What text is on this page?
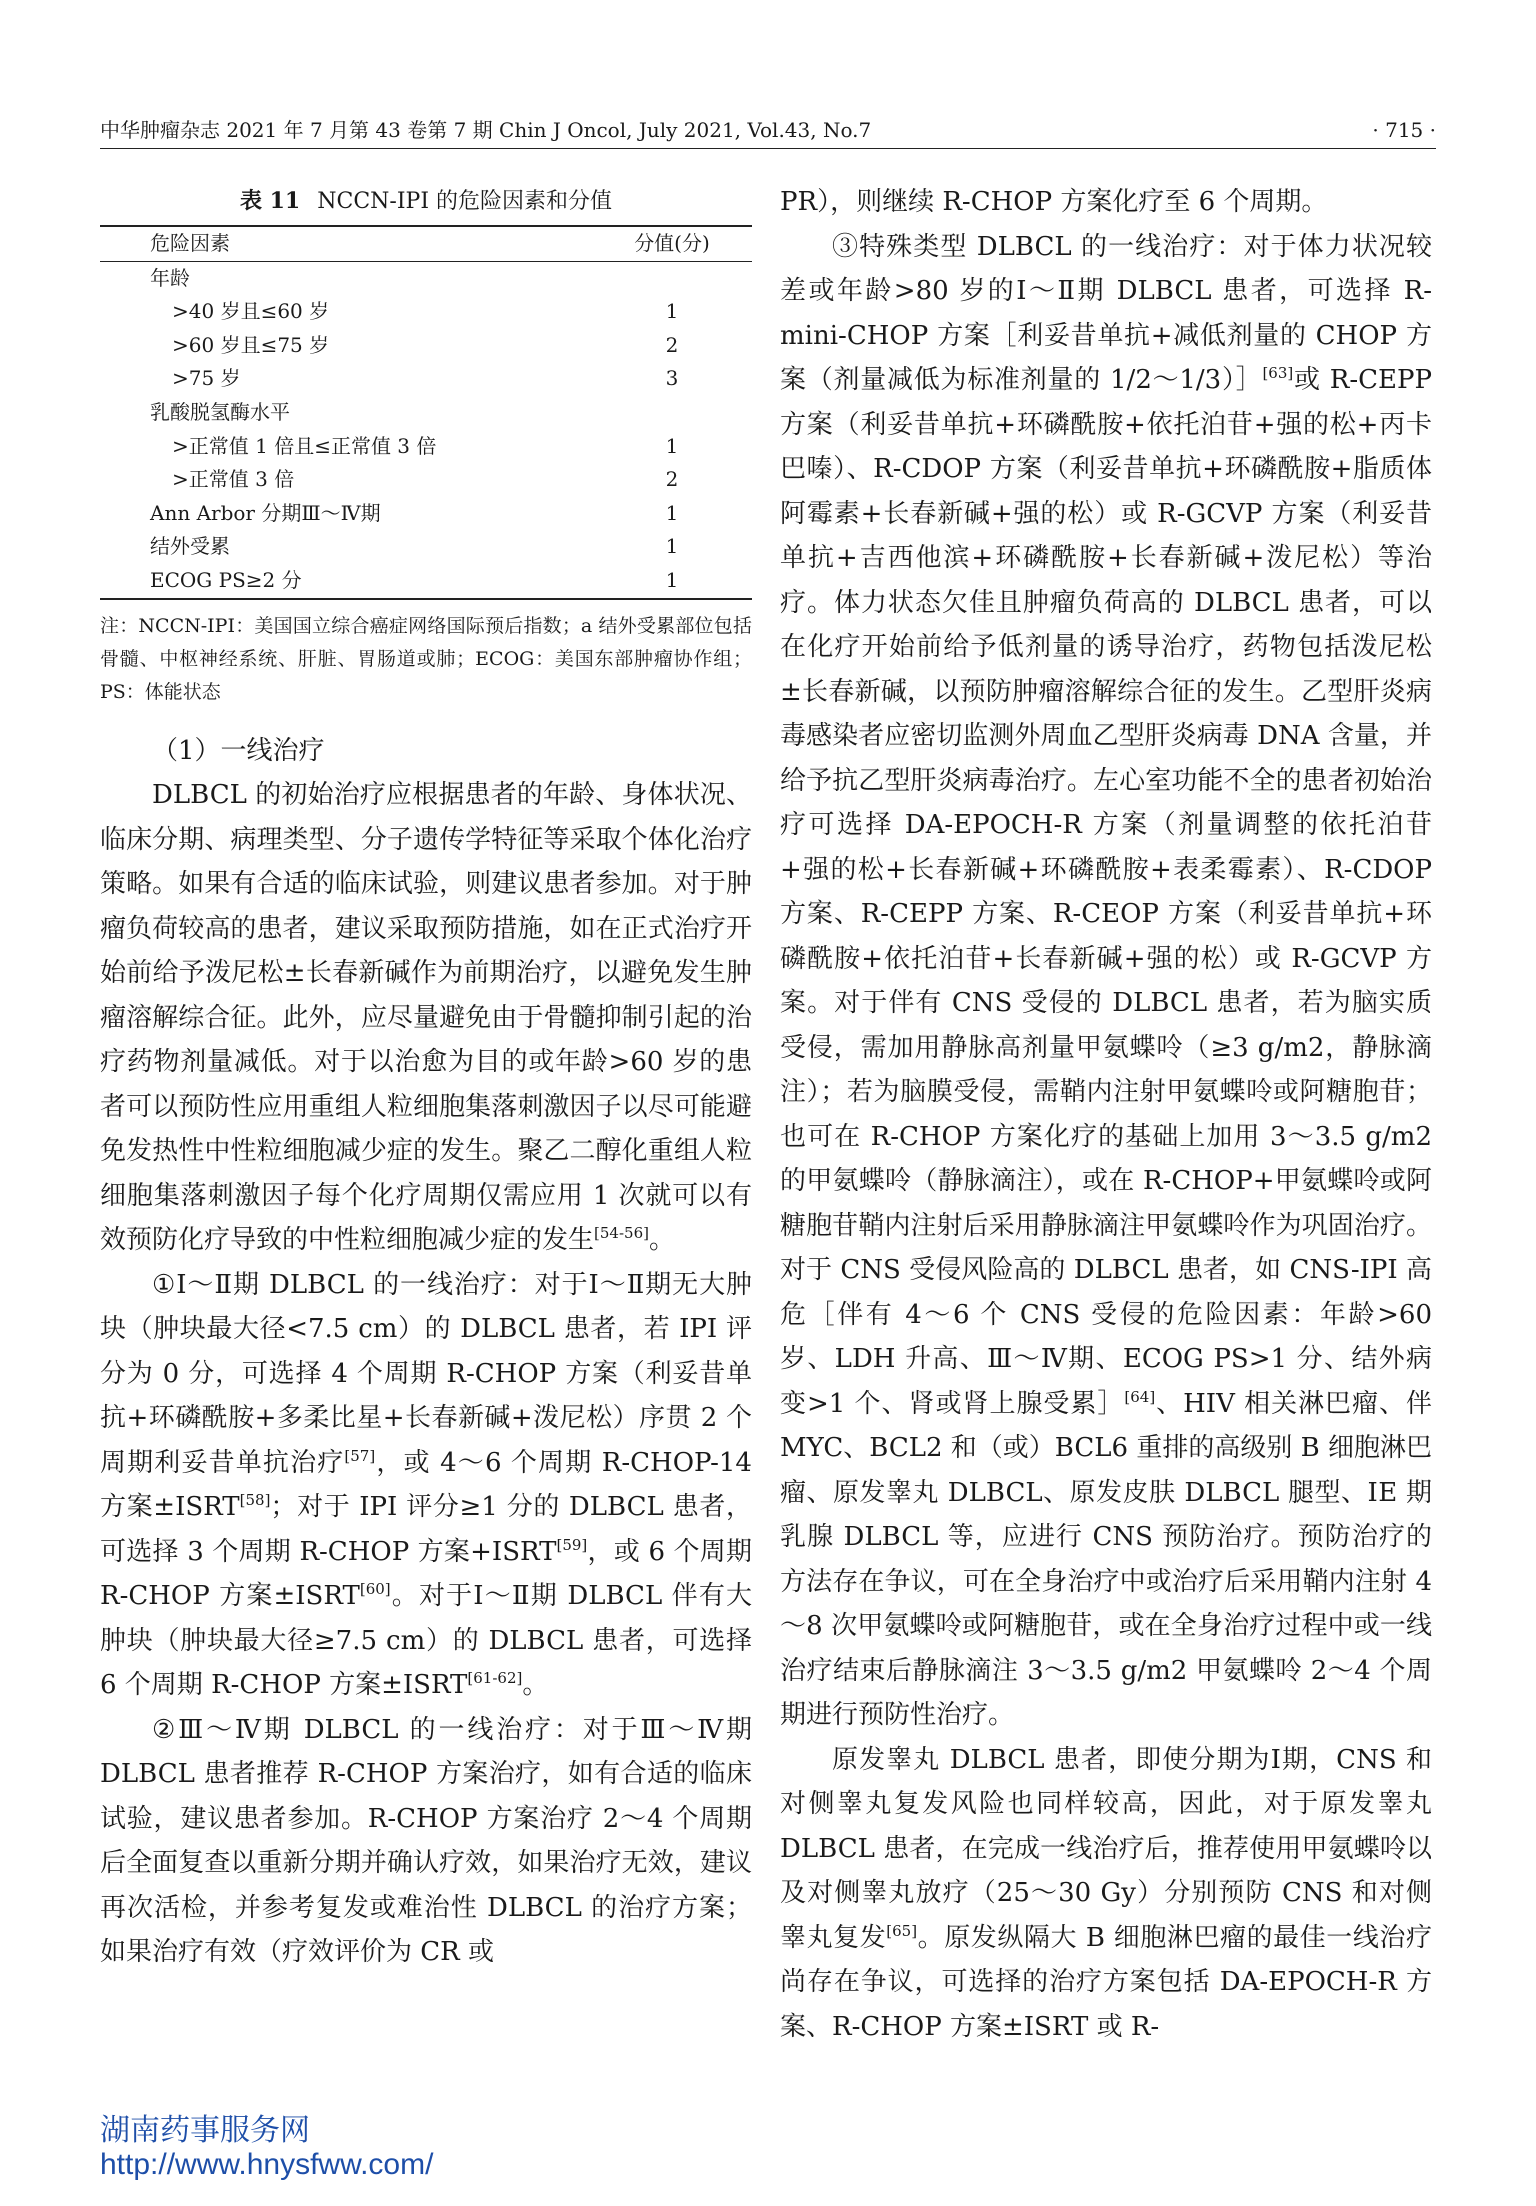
中华肿瘤杂志 2021 年 7 月第 43 卷第 7 期 Chin J Oncol, July 2021, Vol.43, No.7	· 715 ·
表 11 NCCN-IPI 的危险因素和分值
危险因素	分值(分)
年龄	
>40 岁且≤60 岁	1
>60 岁且≤75 岁	2
>75 岁	3
乳酸脱氢酶水平	
>正常值 1 倍且≤正常值 3 倍	1
>正常值 3 倍	2
Ann Arbor 分期Ⅲ～Ⅳ期	1
结外受累	1
ECOG PS≥2 分	1

注：NCCN-IPI：美国国立综合癌症网络国际预后指数；a 结外受累部位包括骨髓、中枢神经系统、肝脏、胃肠道或肺；ECOG：美国东部肿瘤协作组；PS：体能状态

（1）一线治疗

DLBCL 的初始治疗应根据患者的年龄、身体状况、临床分期、病理类型、分子遗传学特征等采取个体化治疗策略。如果有合适的临床试验，则建议患者参加。对于肿瘤负荷较高的患者，建议采取预防措施，如在正式治疗开始前给予泼尼松±长春新碱作为前期治疗，以避免发生肿瘤溶解综合征。此外，应尽量避免由于骨髓抑制引起的治疗药物剂量减低。对于以治愈为目的或年龄>60 岁的患者可以预防性应用重组人粒细胞集落刺激因子以尽可能避免发热性中性粒细胞减少症的发生。聚乙二醇化重组人粒细胞集落刺激因子每个化疗周期仅需应用 1 次就可以有效预防化疗导致的中性粒细胞减少症的发生[54-56]。

①Ⅰ～Ⅱ期 DLBCL 的一线治疗：对于Ⅰ～Ⅱ期无大肿块（肿块最大径<7.5 cm）的 DLBCL 患者，若 IPI 评分为 0 分，可选择 4 个周期 R-CHOP 方案（利妥昔单抗+环磷酰胺+多柔比星+长春新碱+泼尼松）序贯 2 个周期利妥昔单抗治疗[57]，或 4～6 个周期 R-CHOP-14 方案±ISRT[58]；对于 IPI 评分≥1 分的 DLBCL 患者，可选择 3 个周期 R-CHOP 方案+ISRT[59]，或 6 个周期 R-CHOP 方案±ISRT[60]。对于Ⅰ～Ⅱ期 DLBCL 伴有大肿块（肿块最大径≥7.5 cm）的 DLBCL 患者，可选择 6 个周期 R-CHOP 方案±ISRT[61-62]。

②Ⅲ～Ⅳ期 DLBCL 的一线治疗：对于Ⅲ～Ⅳ期 DLBCL 患者推荐 R-CHOP 方案治疗，如有合适的临床试验，建议患者参加。R-CHOP 方案治疗 2～4 个周期后全面复查以重新分期并确认疗效，如果治疗无效，建议再次活检，并参考复发或难治性 DLBCL 的治疗方案；如果治疗有效（疗效评价为 CR 或

PR），则继续 R-CHOP 方案化疗至 6 个周期。

③特殊类型 DLBCL 的一线治疗：对于体力状况较差或年龄>80 岁的Ⅰ～Ⅱ期 DLBCL 患者，可选择 R-mini-CHOP 方案［利妥昔单抗+减低剂量的 CHOP 方案（剂量减低为标准剂量的 1/2～1/3）］[63]或 R-CEPP 方案（利妥昔单抗+环磷酰胺+依托泊苷+强的松+丙卡巴嗪）、R-CDOP 方案（利妥昔单抗+环磷酰胺+脂质体阿霉素+长春新碱+强的松）或 R-GCVP 方案（利妥昔单抗+吉西他滨+环磷酰胺+长春新碱+泼尼松）等治疗。体力状态欠佳且肿瘤负荷高的 DLBCL 患者，可以在化疗开始前给予低剂量的诱导治疗，药物包括泼尼松±长春新碱，以预防肿瘤溶解综合征的发生。乙型肝炎病毒感染者应密切监测外周血乙型肝炎病毒 DNA 含量，并给予抗乙型肝炎病毒治疗。左心室功能不全的患者初始治疗可选择 DA-EPOCH-R 方案（剂量调整的依托泊苷+强的松+长春新碱+环磷酰胺+表柔霉素）、R-CDOP 方案、R-CEPP 方案、R-CEOP 方案（利妥昔单抗+环磷酰胺+依托泊苷+长春新碱+强的松）或 R-GCVP 方案。对于伴有 CNS 受侵的 DLBCL 患者，若为脑实质受侵，需加用静脉高剂量甲氨蝶呤（≥3 g/m2，静脉滴注）；若为脑膜受侵，需鞘内注射甲氨蝶呤或阿糖胞苷；也可在 R-CHOP 方案化疗的基础上加用 3～3.5 g/m2 的甲氨蝶呤（静脉滴注），或在 R-CHOP+甲氨蝶呤或阿糖胞苷鞘内注射后采用静脉滴注甲氨蝶呤作为巩固治疗。对于 CNS 受侵风险高的 DLBCL 患者，如 CNS-IPI 高危［伴有 4～6 个 CNS 受侵的危险因素：年龄>60 岁、LDH 升高、Ⅲ～Ⅳ期、ECOG PS>1 分、结外病变>1 个、肾或肾上腺受累］[64]、HIV 相关淋巴瘤、伴 MYC、BCL2 和（或）BCL6 重排的高级别 B 细胞淋巴瘤、原发睾丸 DLBCL、原发皮肤 DLBCL 腿型、ⅠE 期乳腺 DLBCL 等，应进行 CNS 预防治疗。预防治疗的方法存在争议，可在全身治疗中或治疗后采用鞘内注射 4～8 次甲氨蝶呤或阿糖胞苷，或在全身治疗过程中或一线治疗结束后静脉滴注 3～3.5 g/m2 甲氨蝶呤 2～4 个周期进行预防性治疗。

原发睾丸 DLBCL 患者，即使分期为Ⅰ期，CNS 和对侧睾丸复发风险也同样较高，因此，对于原发睾丸 DLBCL 患者，在完成一线治疗后，推荐使用甲氨蝶呤以及对侧睾丸放疗（25～30 Gy）分别预防 CNS 和对侧睾丸复发[65]。原发纵隔大 B 细胞淋巴瘤的最佳一线治疗尚存在争议，可选择的治疗方案包括 DA-EPOCH-R 方案、R-CHOP 方案±ISRT 或 R-

湖南药事服务网
http://www.hnysfww.com/
